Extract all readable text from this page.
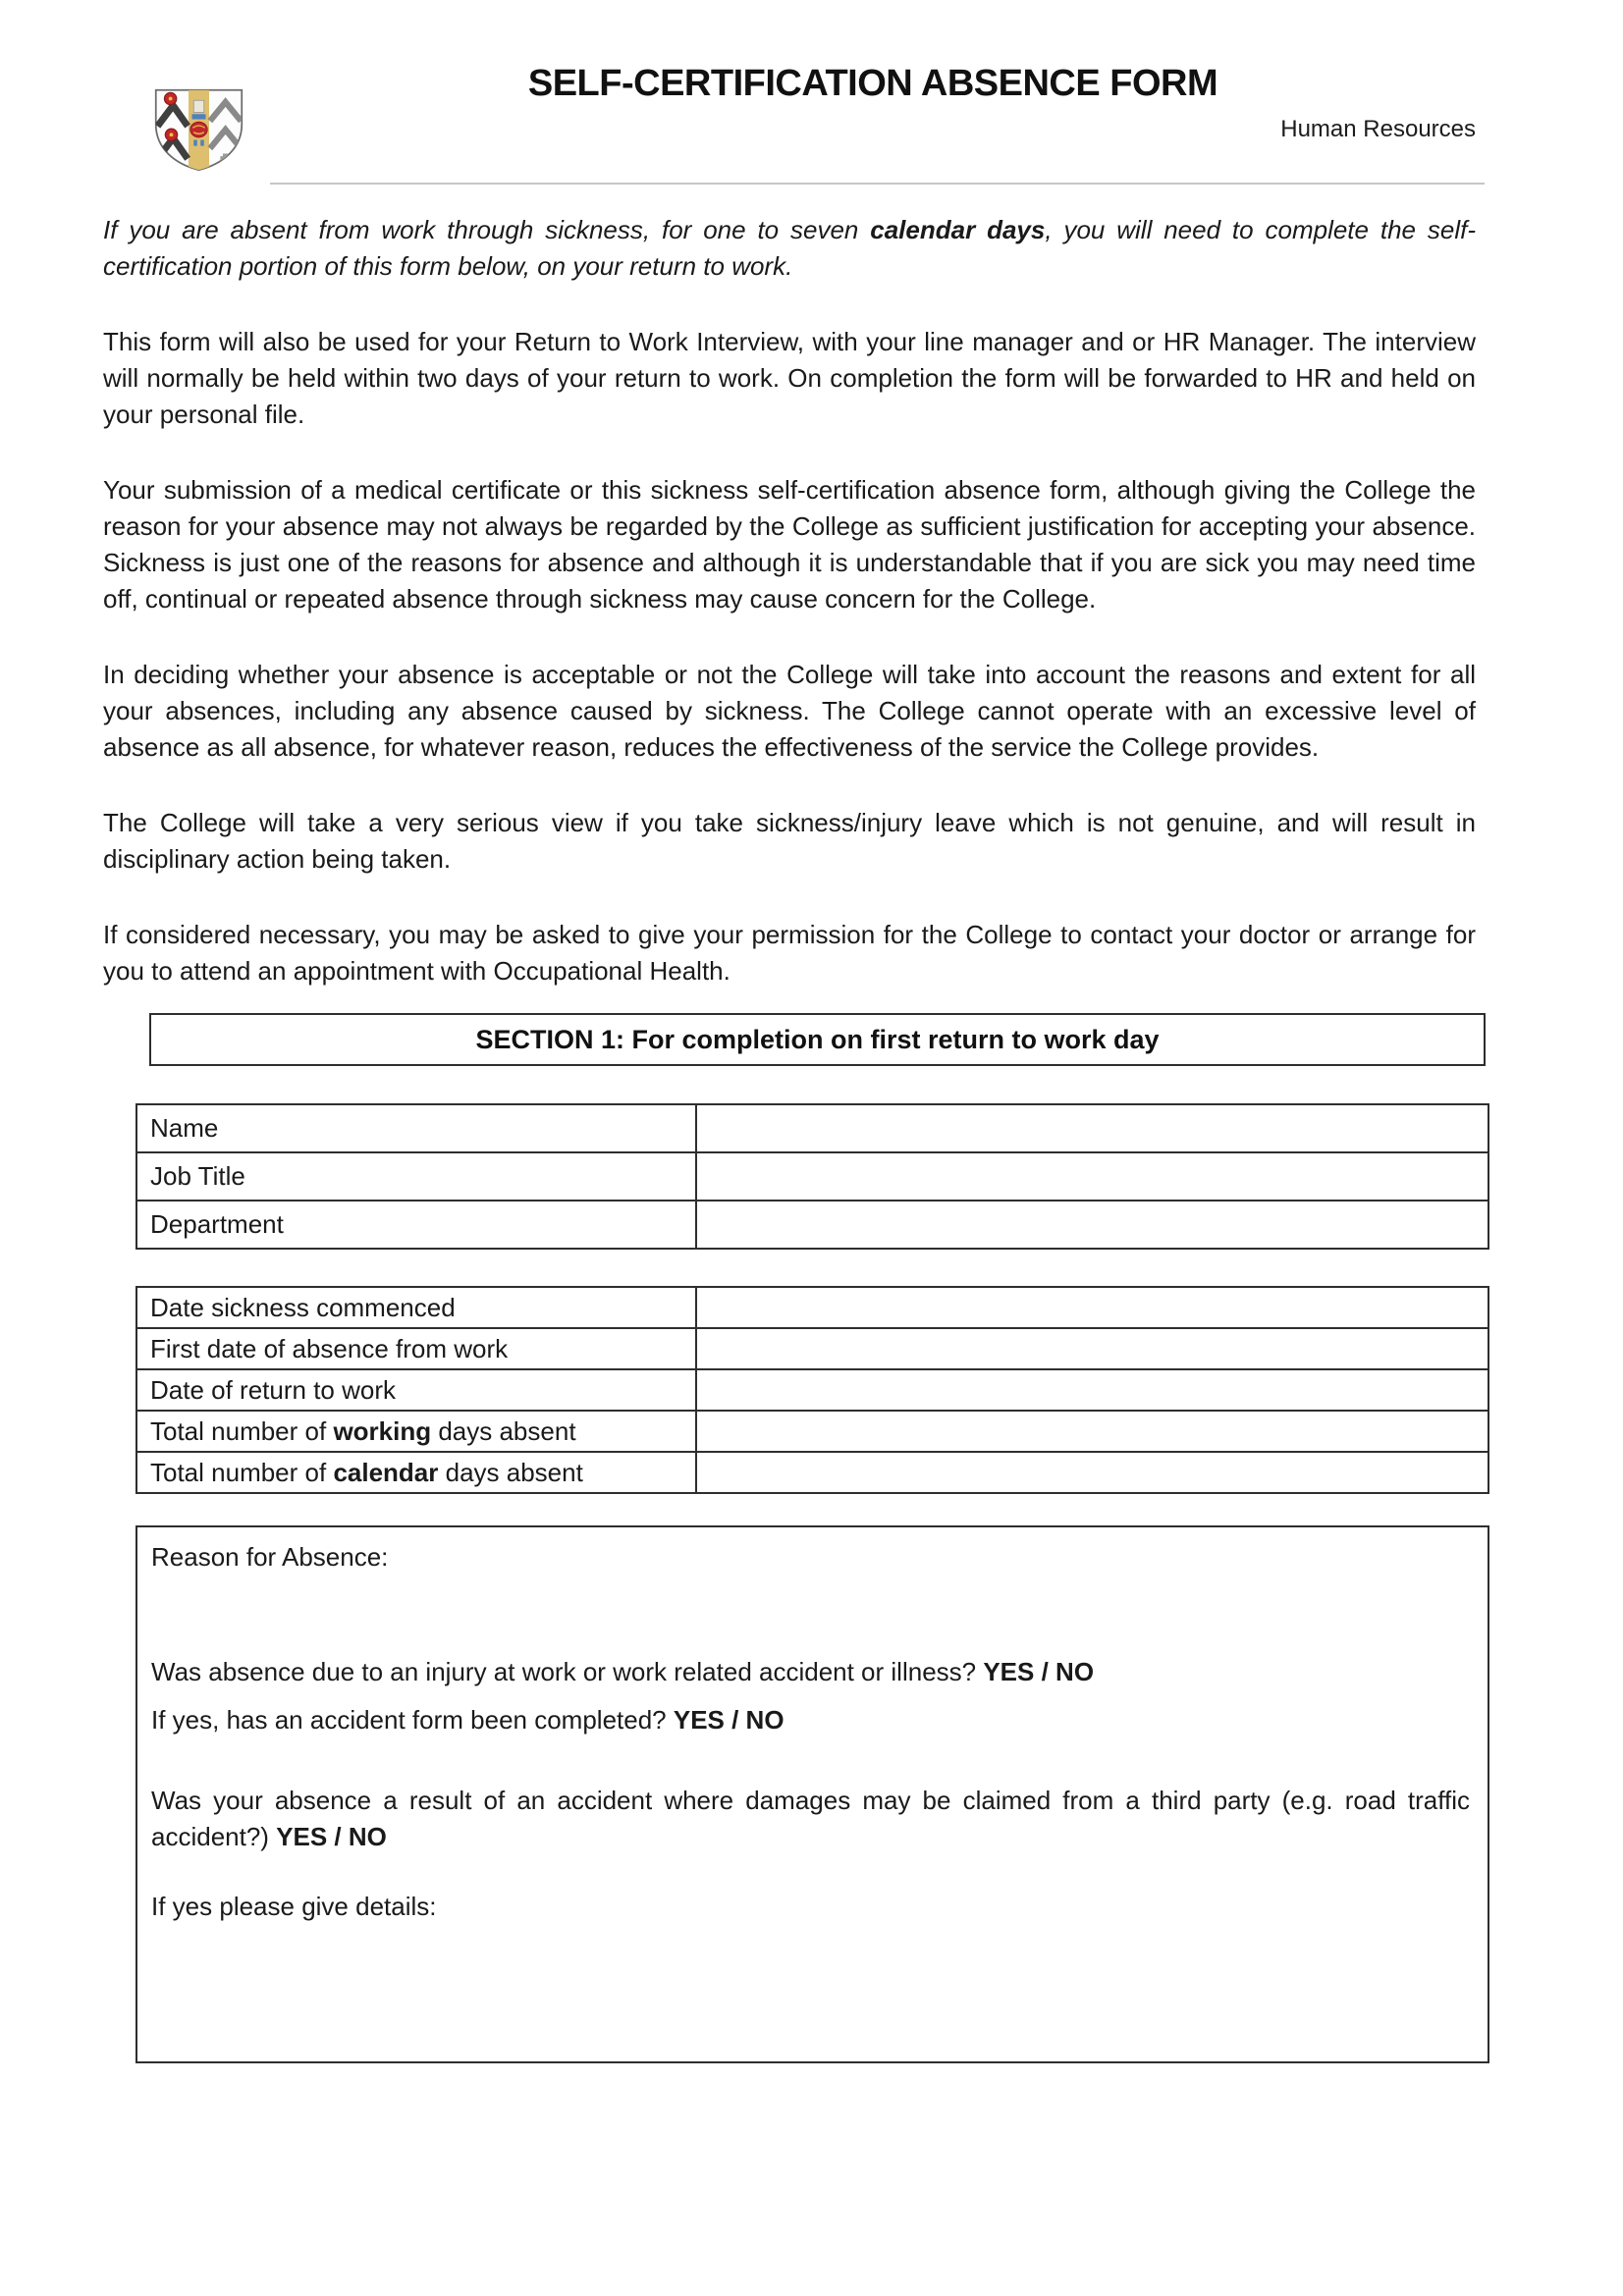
SELF-CERTIFICATION ABSENCE FORM
Human Resources

If you are absent from work through sickness, for one to seven calendar days, you will need to complete the self-certification portion of this form below, on your return to work.

This form will also be used for your Return to Work Interview, with your line manager and or HR Manager. The interview will normally be held within two days of your return to work. On completion the form will be forwarded to HR and held on your personal file.

Your submission of a medical certificate or this sickness self-certification absence form, although giving the College the reason for your absence may not always be regarded by the College as sufficient justification for accepting your absence. Sickness is just one of the reasons for absence and although it is understandable that if you are sick you may need time off, continual or repeated absence through sickness may cause concern for the College.

In deciding whether your absence is acceptable or not the College will take into account the reasons and extent for all your absences, including any absence caused by sickness. The College cannot operate with an excessive level of absence as all absence, for whatever reason, reduces the effectiveness of the service the College provides.

The College will take a very serious view if you take sickness/injury leave which is not genuine, and will result in disciplinary action being taken.

If considered necessary, you may be asked to give your permission for the College to contact your doctor or arrange for you to attend an appointment with Occupational Health.

SECTION 1: For completion on first return to work day
Name	
Job Title	
Department	
Date sickness commenced	
First date of absence from work	
Date of return to work	
Total number of working days absent	
Total number of calendar days absent	

Reason for Absence:

Was absence due to an injury at work or work related accident or illness? YES / NO

If yes, has an accident form been completed? YES / NO

Was your absence a result of an accident where damages may be claimed from a third party (e.g. road traffic accident?) YES / NO

If yes please give details:
